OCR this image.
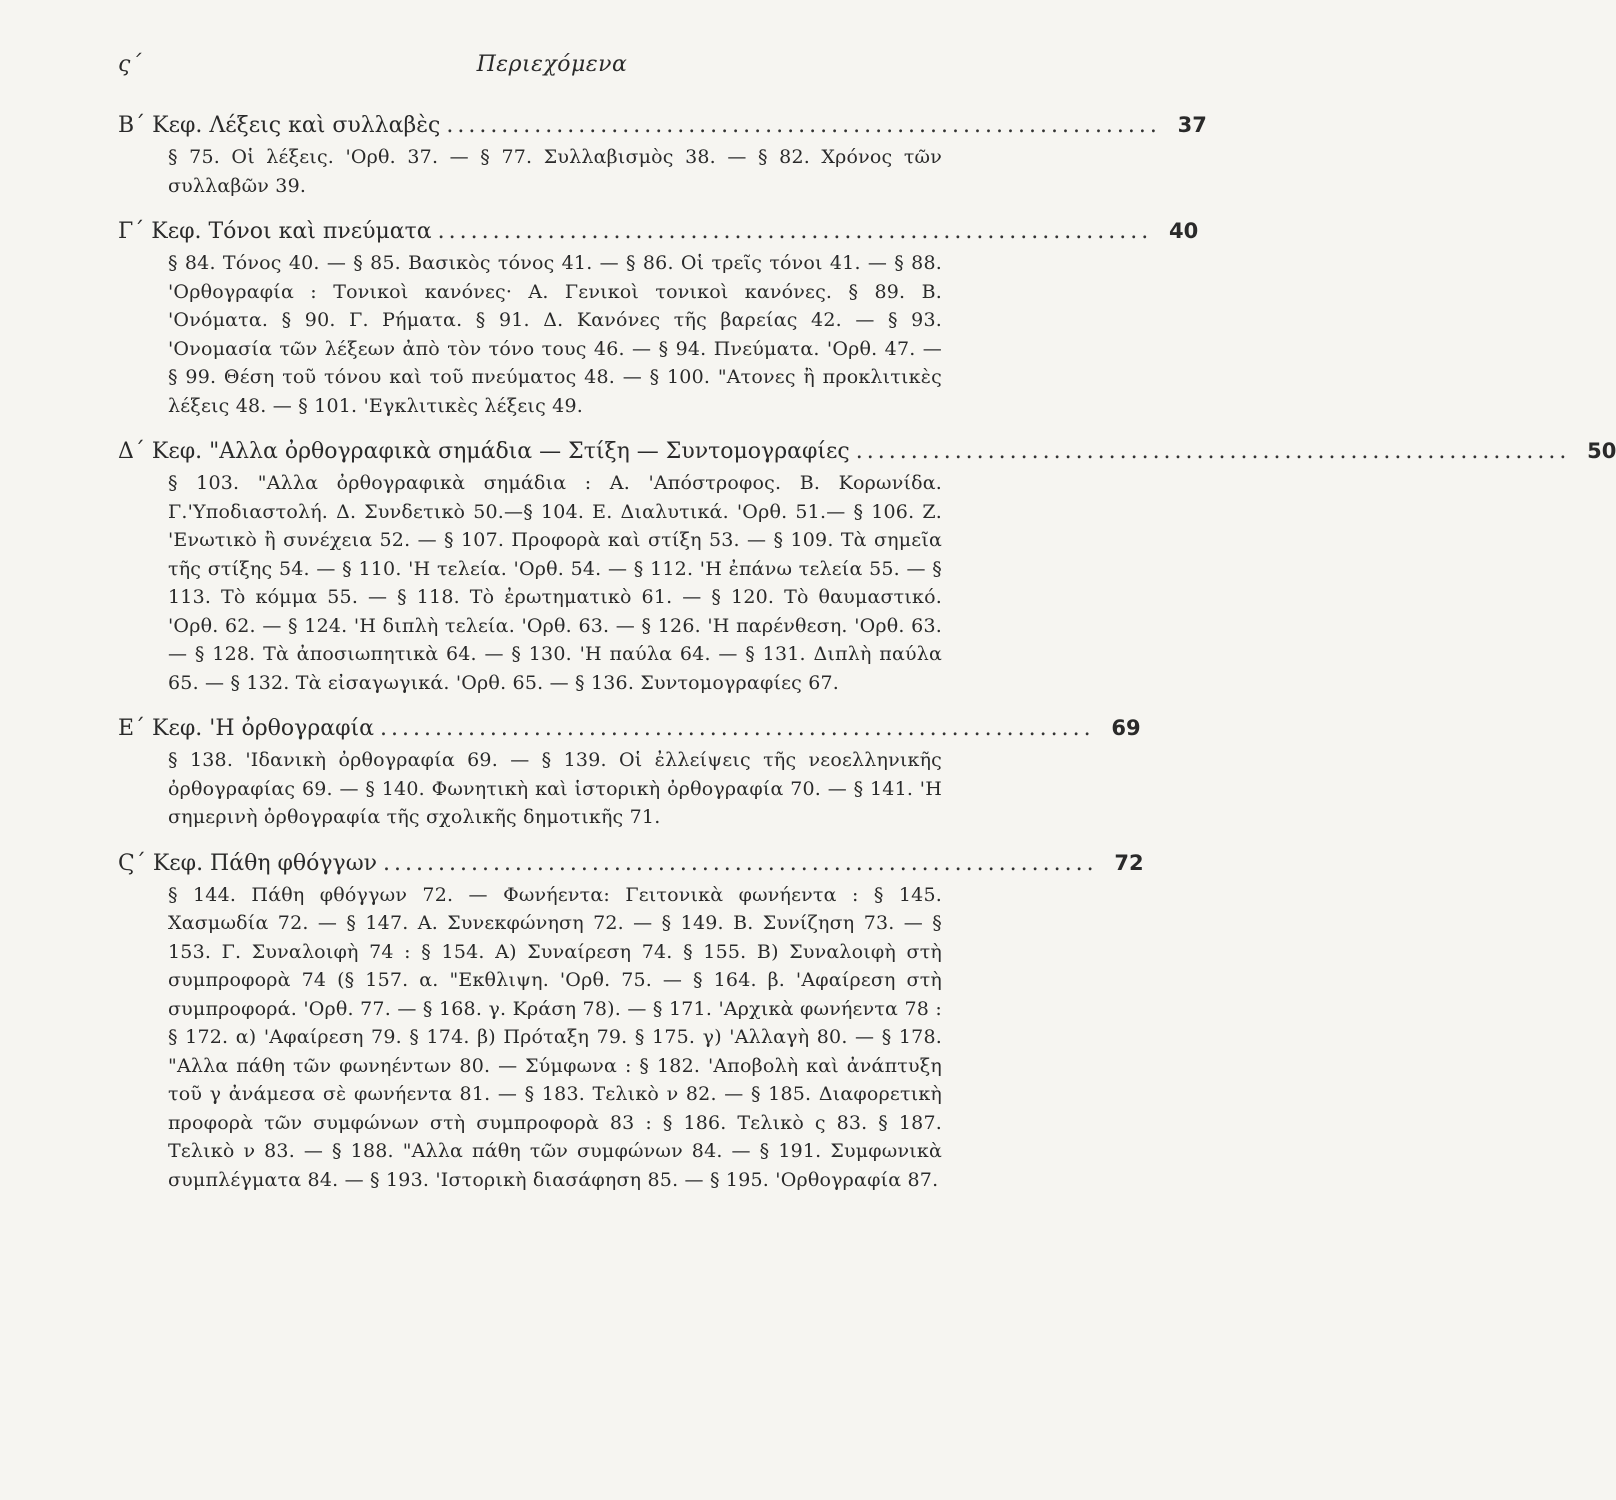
ς΄	Περιεχόμενα
Β΄ Κεφ. Λέξεις καὶ συλλαβὲς ................................................................. 37
§ 75. Οἱ λέξεις. 'Ορθ. 37. — § 77. Συλλαβισμὸς 38. — § 82. Χρόνος τῶν συλλαβῶν 39.
Γ΄ Κεφ. Τόνοι καὶ πνεύματα ................................................................. 40
§ 84. Τόνος 40. — § 85. Βασικὸς τόνος 41. — § 86. Οἱ τρεῖς τόνοι 41. — § 88. 'Ορθογραφία : Τονικοὶ κανόνες· Α. Γενικοὶ τονικοὶ κανόνες. § 89. Β. 'Ονόματα. § 90. Γ. Ρήματα. § 91. Δ. Κανόνες τῆς βαρείας 42. — § 93. 'Ονομασία τῶν λέξεων ἀπὸ τὸν τόνο τους 46. — § 94. Πνεύματα. 'Ορθ. 47. — § 99. Θέση τοῦ τόνου καὶ τοῦ πνεύματος 48. — § 100. "Ατονες ἢ προκλιτικὲς λέξεις 48. — § 101. 'Εγκλιτικὲς λέξεις 49.
Δ΄ Κεφ. "Αλλα ὀρθογραφικὰ σημάδια — Στίξη — Συντομογραφίες ................................................................. 50
§ 103. "Αλλα ὀρθογραφικὰ σημάδια : Α. 'Απόστροφος. Β. Κορωνίδα. Γ.'Υποδιαστολή. Δ. Συνδετικὸ 50.—§ 104. Ε. Διαλυτικά. 'Ορθ. 51.— § 106. Ζ. 'Ενωτικὸ ἢ συνέχεια 52. — § 107. Προφορὰ καὶ στίξη 53. — § 109. Τὰ σημεῖα τῆς στίξης 54. — § 110. 'Η τελεία. 'Ορθ. 54. — § 112. 'Η ἐπάνω τελεία 55. — § 113. Τὸ κόμμα 55. — § 118. Τὸ ἐρωτηματικὸ 61. — § 120. Τὸ θαυμαστικό. 'Ορθ. 62. — § 124. 'Η διπλὴ τελεία. 'Ορθ. 63. — § 126. 'Η παρένθεση. 'Ορθ. 63. — § 128. Τὰ ἀποσιωπητικὰ 64. — § 130. 'Η παύλα 64. — § 131. Διπλὴ παύλα 65. — § 132. Τὰ εἰσαγωγικά. 'Ορθ. 65. — § 136. Συντομογραφίες 67.
Ε΄ Κεφ. 'Η ὀρθογραφία ................................................................. 69
§ 138. 'Ιδανικὴ ὀρθογραφία 69. — § 139. Οἱ ἐλλείψεις τῆς νεοελληνικῆς ὀρθογραφίας 69. — § 140. Φωνητικὴ καὶ ἱστορικὴ ὀρθογραφία 70. — § 141. 'Η σημερινὴ ὀρθογραφία τῆς σχολικῆς δημοτικῆς 71.
Ϛ΄ Κεφ. Πάθη φθόγγων ................................................................. 72
§ 144. Πάθη φθόγγων 72. — Φωνήεντα: Γειτονικὰ φωνήεντα : § 145. Χασμωδία 72. — § 147. Α. Συνεκφώνηση 72. — § 149. Β. Συνίζηση 73. — § 153. Γ. Συναλοιφὴ 74 : § 154. Α) Συναίρεση 74. § 155. Β) Συναλοιφὴ στὴ συμπροφορὰ 74 (§ 157. α. "Εκθλιψη. 'Ορθ. 75. — § 164. β. 'Αφαίρεση στὴ συμπροφορά. 'Ορθ. 77. — § 168. γ. Κράση 78). — § 171. 'Αρχικὰ φωνήεντα 78 : § 172. α) 'Αφαίρεση 79. § 174. β) Πρόταξη 79. § 175. γ) 'Αλλαγὴ 80. — § 178. "Αλλα πάθη τῶν φωνηέντων 80. — Σύμφωνα : § 182. 'Αποβολὴ καὶ ἀνάπτυξη τοῦ γ ἀνάμεσα σὲ φωνήεντα 81. — § 183. Τελικὸ ν 82. — § 185. Διαφορετικὴ προφορὰ τῶν συμφώνων στὴ συμπροφορὰ 83 : § 186. Τελικὸ ς 83. § 187. Τελικὸ ν 83. — § 188. "Αλλα πάθη τῶν συμφώνων 84. — § 191. Συμφωνικὰ συμπλέγματα 84. — § 193. 'Ιστορικὴ διασάφηση 85. — § 195. 'Ορθογραφία 87.
